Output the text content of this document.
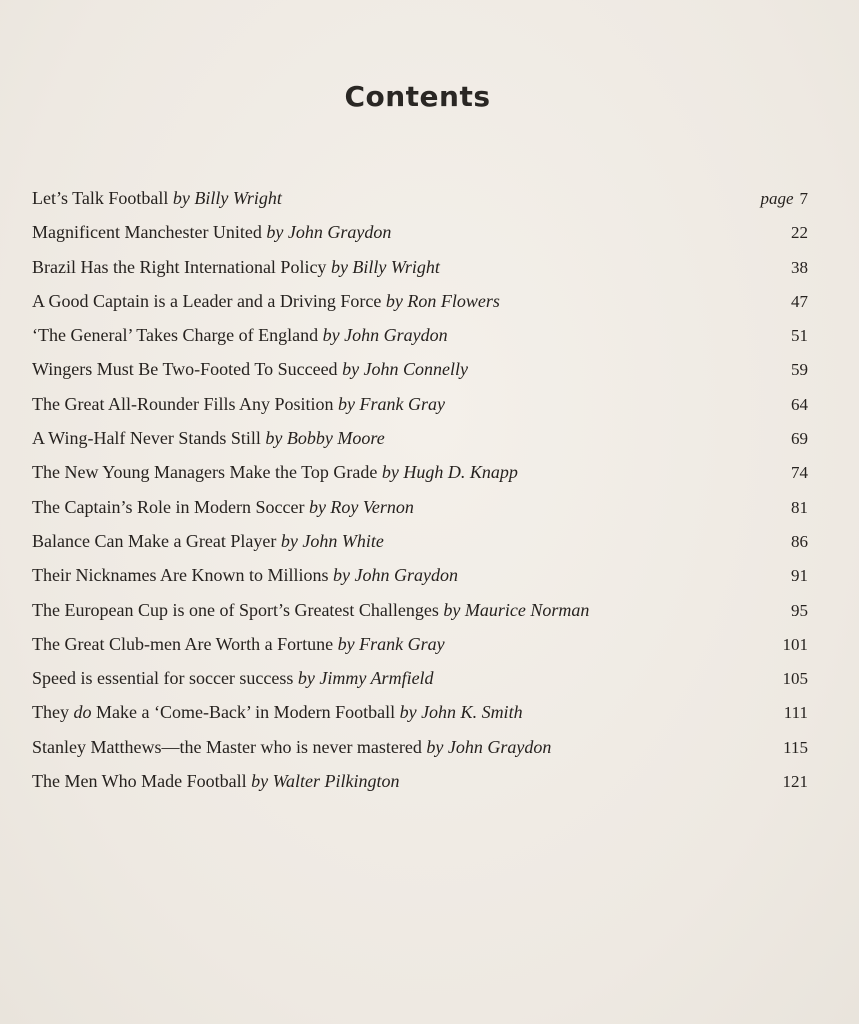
Contents
Let’s Talk Football by Billy Wright	page 7
Magnificent Manchester United by John Graydon	22
Brazil Has the Right International Policy by Billy Wright	38
A Good Captain is a Leader and a Driving Force by Ron Flowers	47
‘The General’ Takes Charge of England by John Graydon	51
Wingers Must Be Two-Footed To Succeed by John Connelly	59
The Great All-Rounder Fills Any Position by Frank Gray	64
A Wing-Half Never Stands Still by Bobby Moore	69
The New Young Managers Make the Top Grade by Hugh D. Knapp	74
The Captain’s Role in Modern Soccer by Roy Vernon	81
Balance Can Make a Great Player by John White	86
Their Nicknames Are Known to Millions by John Graydon	91
The European Cup is one of Sport’s Greatest Challenges by Maurice Norman	95
The Great Club-men Are Worth a Fortune by Frank Gray	101
Speed is essential for soccer success by Jimmy Armfield	105
They do Make a ‘Come-Back’ in Modern Football by John K. Smith	111
Stanley Matthews—the Master who is never mastered by John Graydon	115
The Men Who Made Football by Walter Pilkington	121
